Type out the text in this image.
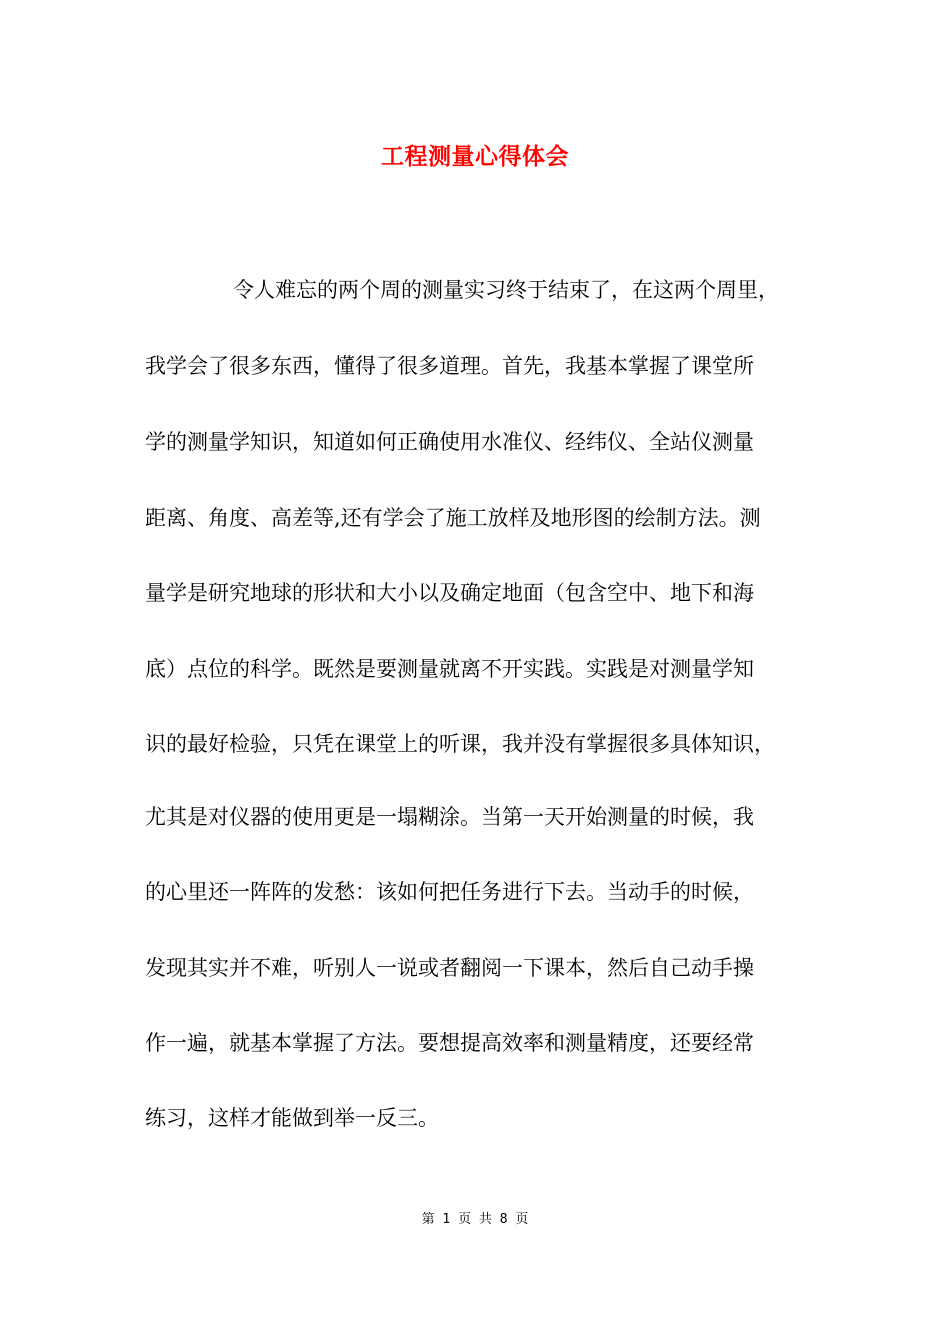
工程测量心得体会
令人难忘的两个周的测量实习终于结束了，在这两个周里，
我学会了很多东西，懂得了很多道理。首先，我基本掌握了课堂所
学的测量学知识，知道如何正确使用水准仪、经纬仪、全站仪测量
距离、角度、高差等,还有学会了施工放样及地形图的绘制方法。测
量学是研究地球的形状和大小以及确定地面（包含空中、地下和海
底）点位的科学。既然是要测量就离不开实践。实践是对测量学知
识的最好检验，只凭在课堂上的听课，我并没有掌握很多具体知识，
尤其是对仪器的使用更是一塌糊涂。当第一天开始测量的时候，我
的心里还一阵阵的发愁：该如何把任务进行下去。当动手的时候，
发现其实并不难，听别人一说或者翻阅一下课本，然后自己动手操
作一遍，就基本掌握了方法。要想提高效率和测量精度，还要经常
练习，这样才能做到举一反三。
第 1 页 共 8 页
